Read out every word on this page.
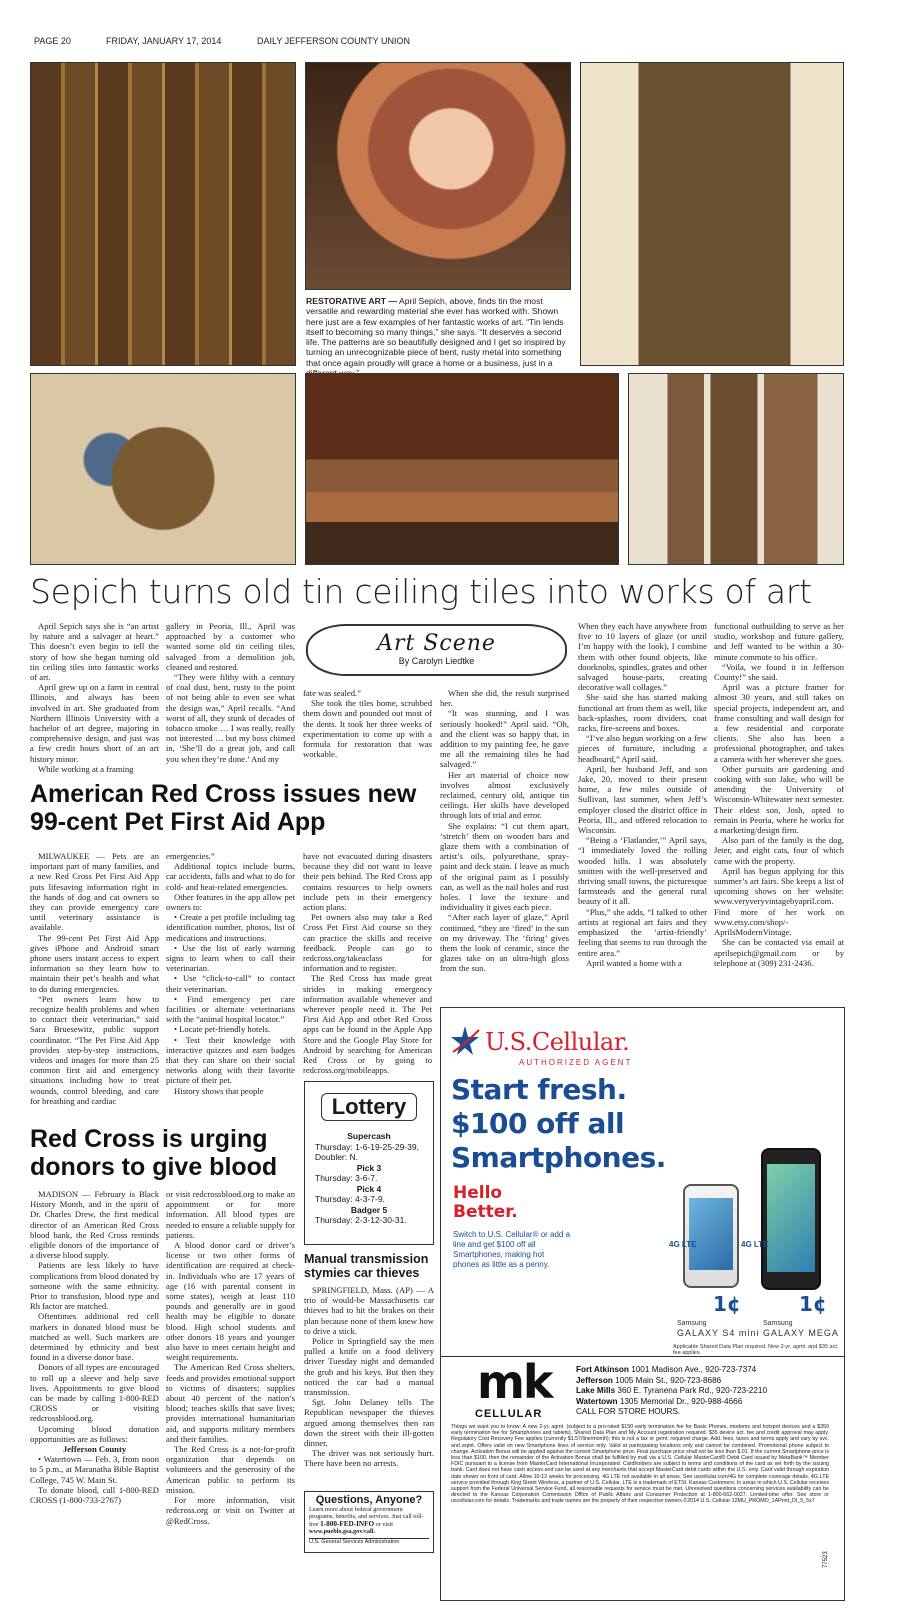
PAGE 20	FRIDAY, JANUARY 17, 2014	DAILY JEFFERSON COUNTY UNION
RESTORATIVE ART — April Sepich, above, finds tin the most versatile and rewarding material she ever has worked with. Shown here just are a few examples of her fantastic works of art. “Tin lends itself to becoming so many things,” she says. “It deserves a second life. The patterns are so beautifully designed and I get so inspired by turning an unrecognizable piece of bent, rusty metal into something that once again proudly will grace a home or a business, just in a
Sepich turns old tin ceiling tiles into works of art

April Sepich says she is “an artist by nature and a salvager at heart.” This doesn’t even begin to tell the story of how she began turning old tin ceiling tiles into fantastic works of art.

April grew up on a farm in central Illinois, and always has been involved in art. She graduated from Northern Illinois University with a bachelor of art degree, majoring in comprehensive design, and just was a few credit hours short of an art history minor.

While working at a framing

gallery in Peoria, Ill., April was approached by a customer who wanted some old tin ceiling tiles, salvaged from a demolition job, cleaned and restored.

“They were filthy with a century of coal dust, bent, rusty to the point of not being able to even see what the design was,” April recalls. “And worst of all, they stunk of decades of tobacco smoke … I was really, really not interested … but my boss chimed in, ‘She’ll do a great job, and call you when they’re done.’ And my

Art Scene
By Carolyn Liedtke

fate was sealed.”

She took the tiles home, scrubbed them down and pounded out most of the dents. It took her three weeks of experimentation to come up with a formula for restoration that was workable.

When she did, the result surprised her.

“It was stunning, and I was seriously hooked!” April said. “Oh, and the client was so happy that, in addition to my painting fee, he gave me all the remaining tiles he had salvaged.”

Her art material of choice now involves almost exclusively reclaimed, century old, antique tin ceilings. Her skills have developed through lots of trial and error.

She explains: “I cut them apart, ‘stretch’ them on wooden bars and glaze them with a combination of artist’s oils, polyurethane, spray-paint and deck stain. I leave as much of the original paint as I possibly can, as well as the nail holes and rust holes. I love the texture and individuality it gives each piece.

“After each layer of glaze,” April continued, “they are ‘fired’ in the sun on my driveway. The ‘firing’ gives them the look of ceramic, since the glazes take on an ultra-high gloss from the sun.

When they each have anywhere from five to 10 layers of glaze (or until I’m happy with the look), I combine them with other found objects, like doorknobs, spindles, grates and other salvaged house-parts, creating decorative wall collages.”

She said she has started making functional art from them as well, like back-splashes, room dividers, coat racks, fire-screens and boxes.

“I’ve also begun working on a few pieces of furniture, including a headboard,” April said.

April, her husband Jeff, and son Jake, 20, moved to their present home, a few miles outside of Sullivan, last summer, when Jeff’s employer closed the district office in Peoria, Ill., and offered relocation to Wisconsin.

“Being a ‘Flatlander,’” April says, “I immediately loved the rolling wooded hills. I was absolutely smitten with the well-preserved and thriving small towns, the picturesque farmsteads and the general rural beauty of it all.

“Plus,” she adds, “I talked to other artists at regional art fairs and they emphasized the ‘artist-friendly’ feeling that seems to run through the entire area.”

April wanted a home with a

functional outbuilding to serve as her studio, workshop and future gallery, and Jeff wanted to be within a 30-minute commute to his office.

“Voila, we found it in Jefferson County!” she said.

April was a picture framer for almost 30 years, and still takes on special projects, independent art, and frame consulting and wall design for a few residential and corporate clients. She also has been a professional photographer, and takes a camera with her wherever she goes.

Other pursuits are gardening and cooking with son Jake, who will be attending the University of Wisconsin-Whitewater next semester. Their eldest son, Josh, opted to remain in Peoria, where he works for a marketing/design firm.

Also part of the family is the dog, Jeter, and eight cats, four of which came with the property.

April has begun applying for this summer’s art fairs. She keeps a list of upcoming shows on her website: www.veryveryvintagebyapril.com. Find more of her work on www.etsy.com/shop/-AprilsModernVintage.

She can be contacted via email at aprilsepich@gmail.com or by telephone at (309) 231-2436.

American Red Cross issues new 99-cent Pet First Aid App

MILWAUKEE — Pets are an important part of many families, and a new Red Cross Pet First Aid App puts lifesaving information right in the hands of dog and cat owners so they can provide emergency care until veterinary assistance is available.

The 99-cent Pet First Aid App gives iPhone and Android smart phone users instant access to expert information so they learn how to maintain their pet’s health and what to do during emergencies.

“Pet owners learn how to recognize health problems and when to contact their veterinarian,” said Sara Bruesewitz, public support coordinator. “The Pet First Aid App provides step-by-step instructions, videos and images for more than 25 common first aid and emergency situations including how to treat wounds, control bleeding, and care for breathing and cardiac

emergencies.”

Additional topics include burns, car accidents, falls and what to do for cold- and heat-related emergencies.

Other features in the app allow pet owners to:

• Create a pet profile including tag identification number, photos, list of medications and instructions.

• Use the list of early warning signs to learn when to call their veterinarian.

• Use “click-to-call” to contact their veterinarian.

• Find emergency pet care facilities or alternate veterinarians with the “animal hospital locator.”

• Locate pet-friendly hotels.

• Test their knowledge with interactive quizzes and earn badges that they can share on their social networks along with their favorite picture of their pet.

History shows that people

have not evacuated during disasters because they did not want to leave their pets behind. The Red Cross app contains resources to help owners include pets in their emergency action plans.

Pet owners also may take a Red Cross Pet First Aid course so they can practice the skills and receive feedback. People can go to redcross.org/takeaclass for information and to register.

The Red Cross has made great strides in making emergency information available whenever and wherever people need it. The Pet First Aid App and other Red Cross apps can be found in the Apple App Store and the Google Play Store for Android by searching for American Red Cross or by going to redcross.org/mobileapps.

Red Cross is urging donors to give blood

MADISON — February is Black History Month, and in the spirit of Dr. Charles Drew, the first medical director of an American Red Cross blood bank, the Red Cross reminds eligible donors of the importance of a diverse blood supply.

Patients are less likely to have complications from blood donated by someone with the same ethnicity. Prior to transfusion, blood type and Rh factor are matched.

Oftentimes additional red cell markers in donated blood must be matched as well. Such markers are determined by ethnicity and best found in a diverse donor base.

Donors of all types are encouraged to roll up a sleeve and help save lives. Appointments to give blood can be made by calling 1-800-RED CROSS or visiting redcrossblood.org.

Upcoming blood donation opportunities are as follows:

Jefferson County

• Watertown — Feb. 3, from noon to 5 p.m., at Maranatha Bible Baptist College, 745 W. Main St.

To donate blood, call 1-800-RED CROSS (1-800-733-2767)

or visit redcrossblood.org to make an appointment or for more information. All blood types are needed to ensure a reliable supply for patients.

A blood donor card or driver’s license or two other forms of identification are required at check-in. Individuals who are 17 years of age (16 with parental consent in some states), weigh at least 110 pounds and generally are in good health may be eligible to donate blood. High school students and other donors 18 years and younger also have to meet certain height and weight requirements.

The American Red Cross shelters, feeds and provides emotional support to victims of disasters; supplies about 40 percent of the nation’s blood; teaches skills that save lives; provides international humanitarian aid, and supports military members and their families.

The Red Cross is a not-for-profit organization that depends on volunteers and the generosity of the American public to perform its mission.

For more information, visit redcross.org or visit on Twitter at @RedCross.

Lottery
Supercash
Thursday: 1-6-19-25-29-39,
Doubler: N.
Pick 3
Thursday: 3-6-7.
Pick 4
Thursday: 4-3-7-9.
Badger 5
Thursday: 2-3-12-30-31.
Manual transmission stymies car thieves

SPRINGFIELD, Mass. (AP) — A trio of would-be Massachusetts car thieves had to hit the brakes on their plan because none of them knew how to drive a stick.

Police in Springfield say the men pulled a knife on a food delivery driver Tuesday night and demanded the grub and his keys. But then they noticed the car had a manual transmission.

Sgt. John Delaney tells The Republican newspaper the thieves argued among themselves then ran down the street with their ill-gotten dinner.

The driver was not seriously hurt. There have been no arrests.

Questions, Anyone?
Learn more about federal government programs, benefits, and services. Just call toll-free 1-800-FED-INFO or visit www.pueblo.gsa.gov/call.
U.S. General Services Administration
U.S.Cellular.
AUTHORIZED AGENT
Start fresh.
$100 off all
Smartphones.
Hello
Better.
Switch to U.S. Cellular® or add a line and get $100 off all Smartphones, making hot phones as little as a penny.
4G LTE	4G LTE
1¢	1¢
Samsung
GALAXY S4 mini
Samsung
GALAXY MEGA
Applicable Shared Data Plan required. New 2-yr. agmt. and $35 act. fee applies.
mk
CELLULAR
Fort Atkinson 1001 Madison Ave., 920-723-7374
Jefferson 1005 Main St., 920-723-8686
Lake Mills 360 E. Tyranena Park Rd., 920-723-2210
Watertown 1305 Memorial Dr., 920-988-4666
CALL FOR STORE HOURS.
Things we want you to know: A new 2-yr. agmt. (subject to a pro-rated $150 early termination fee for Basic Phones, modems and hotspot devices and a $350 early termination fee for Smartphones and tablets), Shared Data Plan and My Account registration required. $35 device act. fee and credit approval may apply. Regulatory Cost Recovery Fee applies (currently $1.57/line/month); this is not a tax or gvmt. required charge. Add. fees, taxes and terms apply and vary by svc. and eqmt. Offers valid on new Smartphone lines of service only. Valid at participating locations only and cannot be combined. Promotional phone subject to change. Activation Bonus will be applied against the current Smartphone price. Final purchase price shall not be less than $.01. If the current Smartphone price is less than $100, then the remainder of the Activation Bonus shall be fulfilled by mail via a U.S. Cellular MasterCard® Debit Card issued by MetaBank™ Member FDIC pursuant to a license from MasterCard International Incorporated. Cardholders are subject to terms and conditions of the card as set forth by the issuing bank. Card does not have cash access and can be used at any merchants that accept MasterCard debit cards within the U.S. only. Card valid through expiration date shown on front of card. Allow 10-12 weeks for processing. 4G LTE not available in all areas. See uscellular.com/4G for complete coverage details. 4G LTE service provided through King Street Wireless, a partner of U.S. Cellular. LTE is a trademark of ETSI. Kansas Customers: In areas in which U.S. Cellular receives support from the Federal Universal Service Fund, all reasonable requests for service must be met. Unresolved questions concerning services availability can be directed to the Kansas Corporation Commission Office of Public Affairs and Consumer Protection at 1-800-662-0027. Limited-time offer. See store or uscellular.com for details. Trademarks and trade names are the property of their respective owners.©2014 U.S. Cellular 12MU_PROMO_1APrint_DI_5_5x7
77523
